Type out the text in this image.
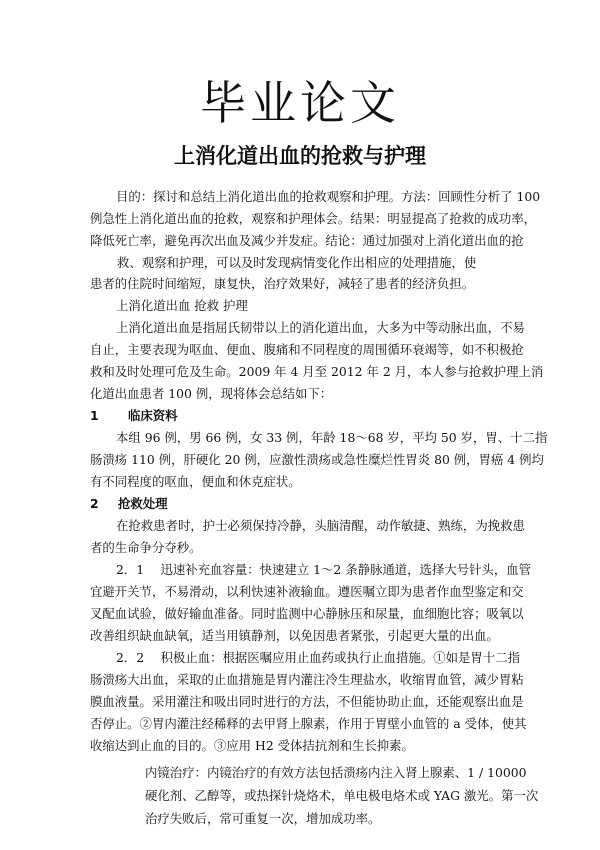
毕业论文
上消化道出血的抢救与护理

目的：探讨和总结上消化道出血的抢救观察和护理。方法：回顾性分析了 100

例急性上消化道出血的抢救，观察和护理体会。结果：明显提高了抢救的成功率，

降低死亡率，避免再次出血及减少并发症。结论：通过加强对上消化道出血的抢

救、观察和护理，可以及时发现病情变化作出相应的处理措施，使

患者的住院时间缩短，康复快，治疗效果好，减轻了患者的经济负担。

上消化道出血 抢救 护理

上消化道出血是指屈氏韧带以上的消化道出血，大多为中等动脉出血，不易

自止，主要表现为呕血、便血、腹痛和不同程度的周围循环衰竭等，如不积极抢

救和及时处理可危及生命。2009 年 4 月至 2012 年 2 月，本人参与抢救护理上消

化道出血患者 100 例，现将体会总结如下：

1 临床资料

本组 96 例，男 66 例，女 33 例，年龄 18～68 岁，平均 50 岁，胃、十二指

肠溃疡 110 例，肝硬化 20 例，应激性溃疡或急性糜烂性胃炎 80 例，胃癌 4 例均

有不同程度的呕血，便血和休克症状。

2 抢救处理

在抢救患者时，护士必须保持冷静，头脑清醒，动作敏捷、熟练，为挽救患

者的生命争分夺秒。

2．1　 迅速补充血容量：快速建立 1～2 条静脉通道，选择大号针头，血管

宜避开关节，不易滑动，以利快速补液输血。遵医嘱立即为患者作血型鉴定和交

叉配血试验，做好输血准备。同时监测中心静脉压和尿量，血细胞比容；吸氧以

改善组织缺血缺氧，适当用镇静剂，以免因患者紧张，引起更大量的出血。

2．2　 积极止血：根据医嘱应用止血药或执行止血措施。①如是胃十二指

肠溃疡大出血，采取的止血措施是胃内灌注冷生理盐水，收缩胃血管，减少胃粘

膜血液量。采用灌注和吸出同时进行的方法，不但能协助止血，还能观察出血是

否停止。②胃内灌注经稀释的去甲肾上腺素，作用于胃壁小血管的 a 受体，使其

收缩达到止血的目的。③应用 H2 受体拮抗剂和生长抑素。

内镜治疗：内镜治疗的有效方法包括溃疡内注入肾上腺素、1 / 10000

硬化剂、乙醇等，或热探针烧烙术，单电极电烙术或 YAG 激光。第一次

治疗失败后，常可重复一次，增加成功率。
